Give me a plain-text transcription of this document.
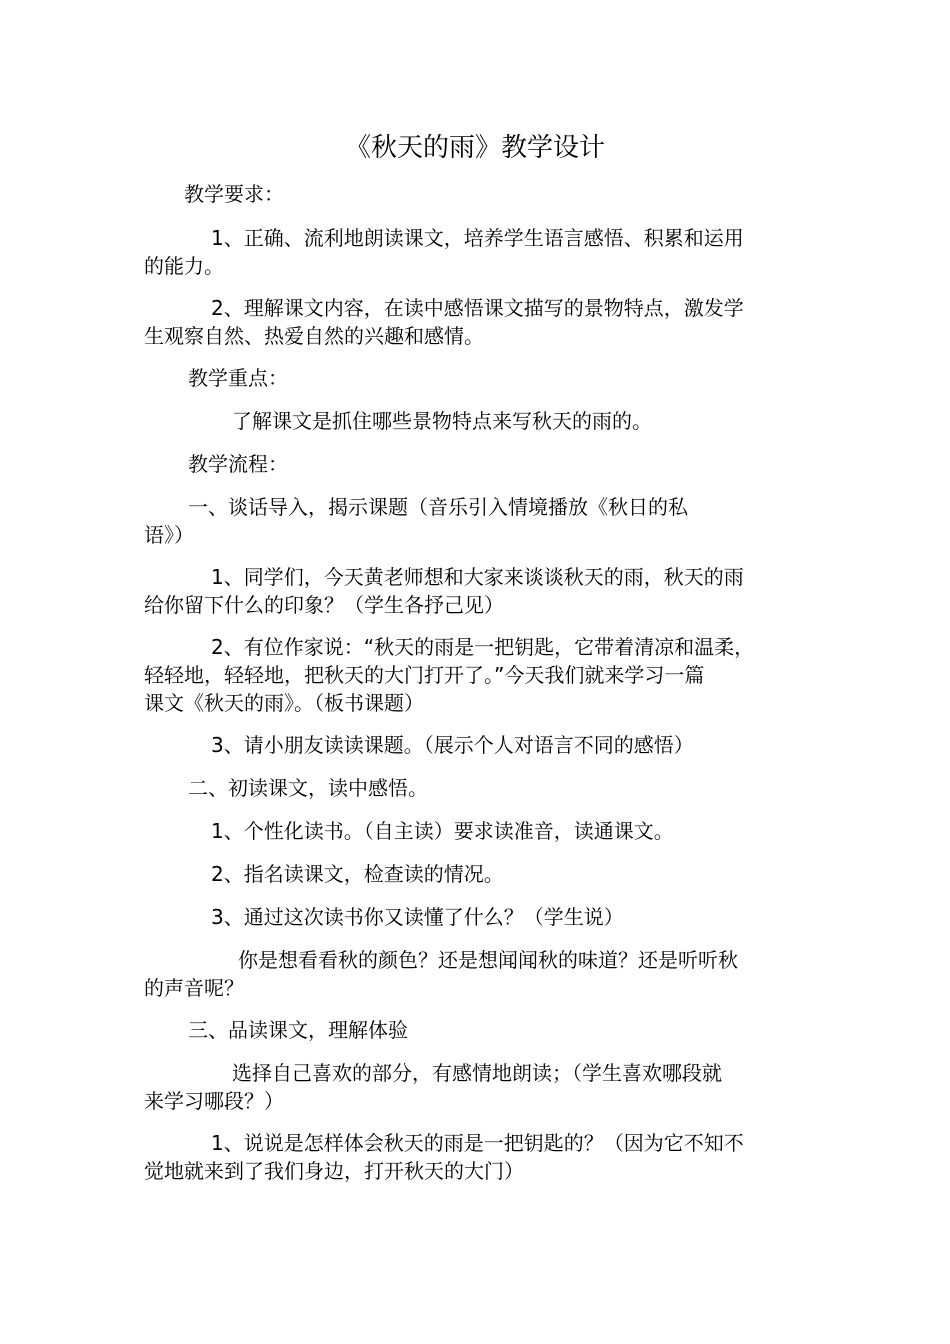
《秋天的雨》教学设计
教学要求：
1、正确、流利地朗读课文，培养学生语言感悟、积累和运用
的能力。
2、理解课文内容，在读中感悟课文描写的景物特点，激发学
生观察自然、热爱自然的兴趣和感情。
教学重点：
了解课文是抓住哪些景物特点来写秋天的雨的。
教学流程：
一、谈话导入，揭示课题（音乐引入情境播放《秋日的私
语》）
1、同学们，今天黄老师想和大家来谈谈秋天的雨，秋天的雨
给你留下什么的印象？（学生各抒己见）
2、有位作家说：“秋天的雨是一把钥匙，它带着清凉和温柔，
轻轻地，轻轻地，把秋天的大门打开了。”今天我们就来学习一篇
课文《秋天的雨》。（板书课题）
3、请小朋友读读课题。（展示个人对语言不同的感悟）
二、初读课文，读中感悟。
1、个性化读书。（自主读）要求读准音，读通课文。
2、指名读课文，检查读的情况。
3、通过这次读书你又读懂了什么？（学生说）
你是想看看秋的颜色？还是想闻闻秋的味道？还是听听秋
的声音呢？
三、品读课文，理解体验
选择自己喜欢的部分，有感情地朗读；（学生喜欢哪段就
来学习哪段？）
1、说说是怎样体会秋天的雨是一把钥匙的？（因为它不知不
觉地就来到了我们身边，打开秋天的大门）
